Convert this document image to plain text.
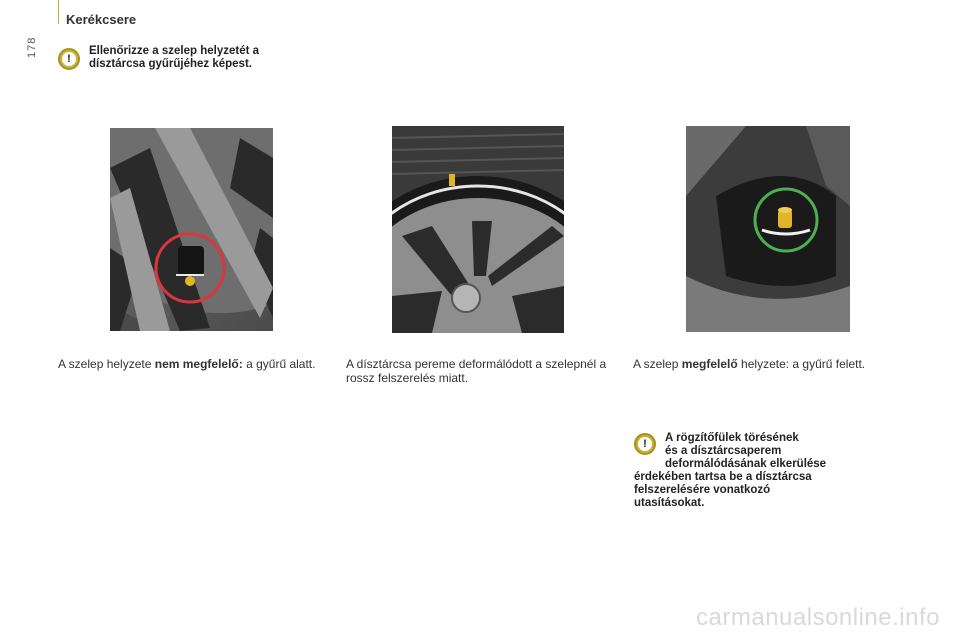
178
Kerékcsere
!
Ellenőrizze a szelep helyzetét a
dísztárcsa gyűrűjéhez képest.
A szelep helyzete nem megfelelő: a gyűrű alatt.	A dísztárcsa pereme deformálódott a szelepnél a rossz felszerelés miatt.
A szelep megfelelő helyzete: a gyűrű felett.
!	A rögzítőfülek törésének
és a dísztárcsaperem
deformálódásának elkerülése
érdekében tartsa be a dísztárcsa
felszerelésére vonatkozó
utasításokat.
carmanualsonline.info
